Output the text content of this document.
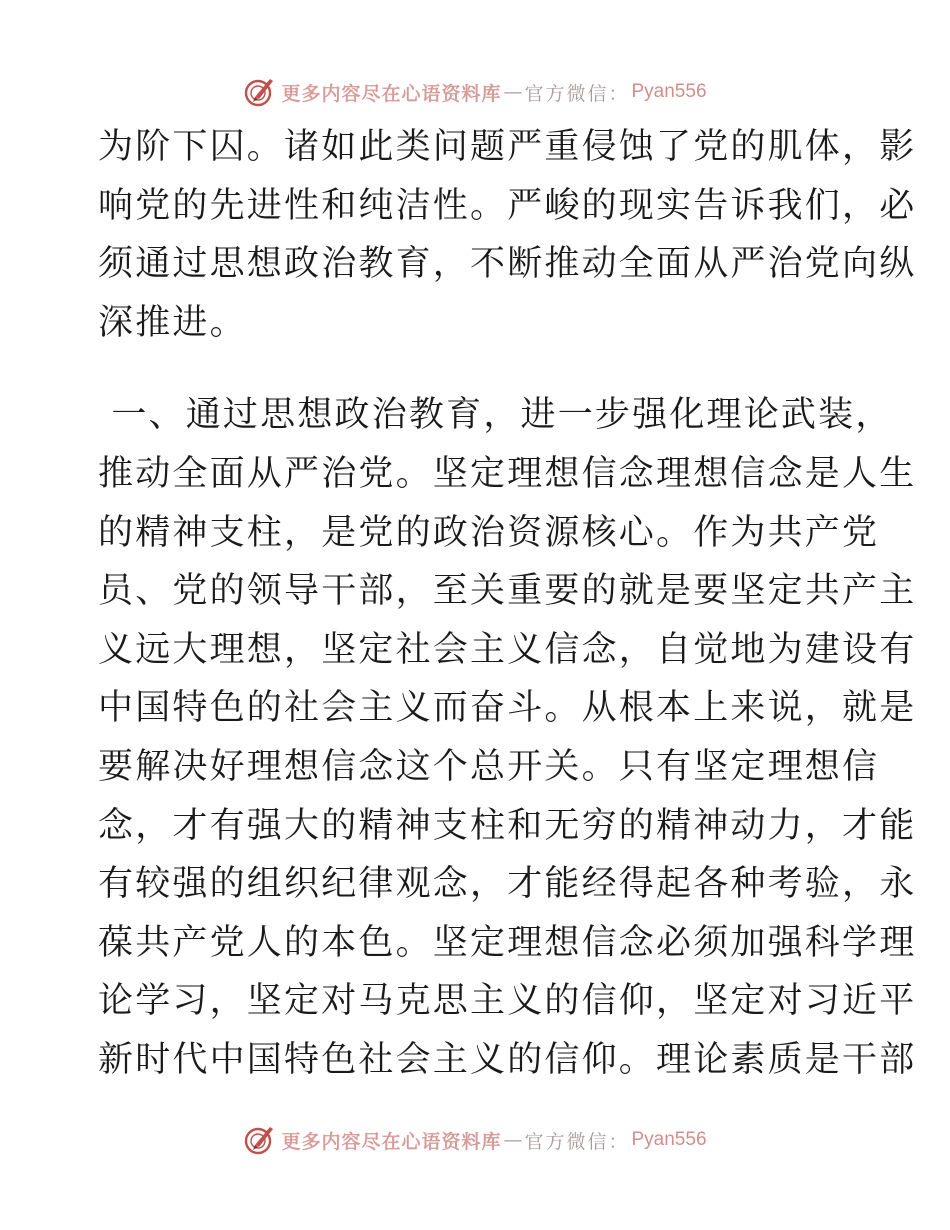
更多内容尽在心语资料库 — 官方微信： Pyan556
为阶下囚。诸如此类问题严重侵蚀了党的肌体，影
响党的先进性和纯洁性。严峻的现实告诉我们，必
须通过思想政治教育，不断推动全面从严治党向纵
深推进。
一、通过思想政治教育，进一步强化理论武装，
推动全面从严治党。坚定理想信念理想信念是人生
的精神支柱，是党的政治资源核心。作为共产党
员、党的领导干部，至关重要的就是要坚定共产主
义远大理想，坚定社会主义信念，自觉地为建设有
中国特色的社会主义而奋斗。从根本上来说，就是
要解决好理想信念这个总开关。只有坚定理想信
念，才有强大的精神支柱和无穷的精神动力，才能
有较强的组织纪律观念，才能经得起各种考验，永
葆共产党人的本色。坚定理想信念必须加强科学理
论学习，坚定对马克思主义的信仰，坚定对习近平
新时代中国特色社会主义的信仰。理论素质是干部
更多内容尽在心语资料库 — 官方微信： Pyan556
